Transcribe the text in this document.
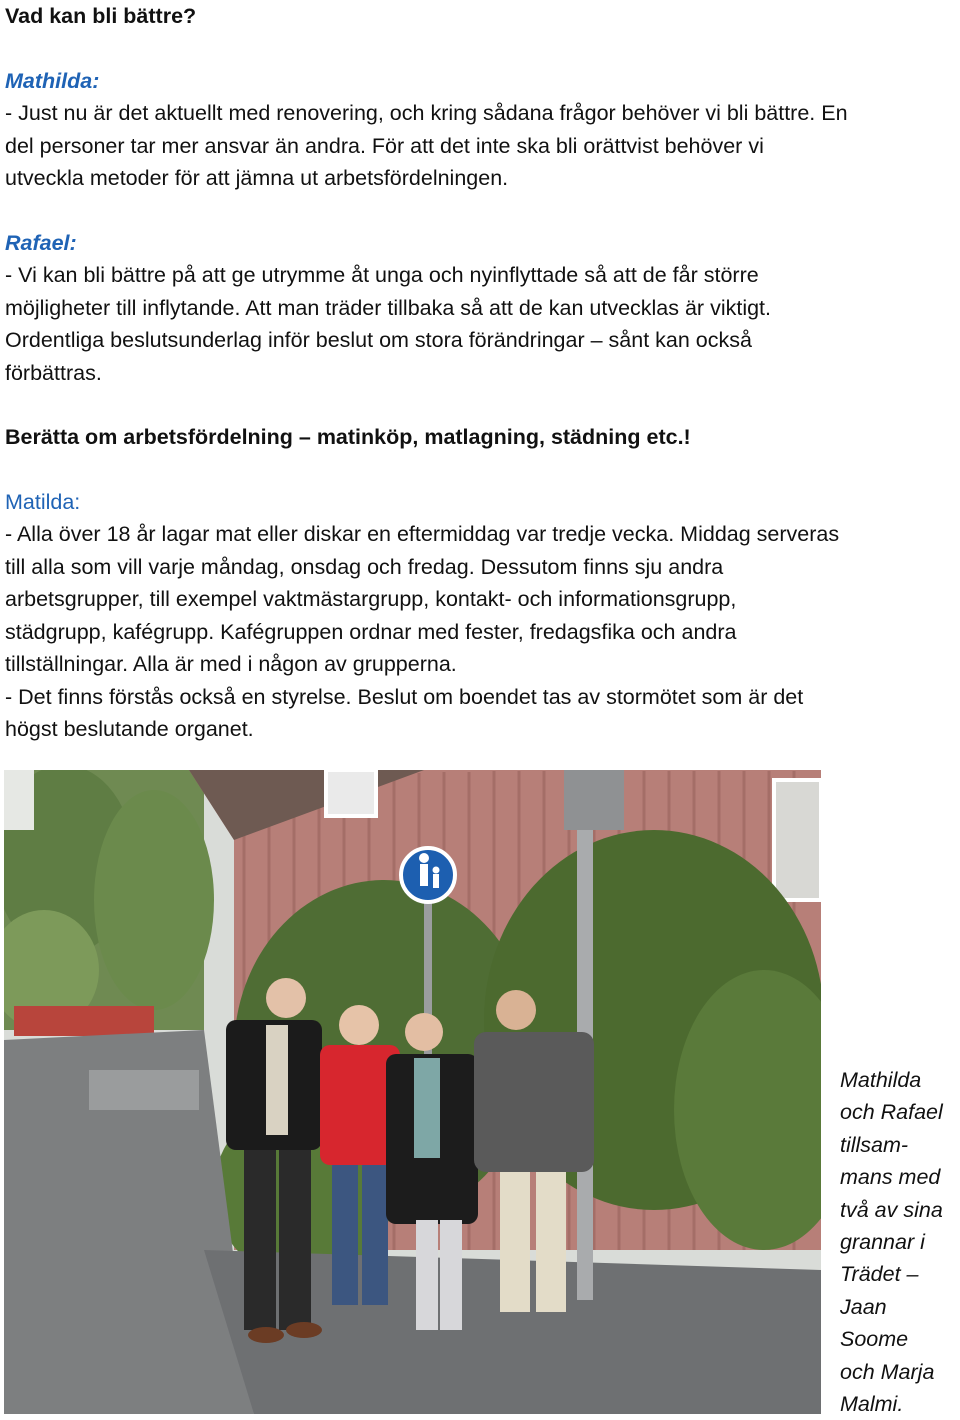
Vad kan bli bättre?
Mathilda:
- Just nu är det aktuellt med renovering, och kring sådana frågor behöver vi bli bättre. En
del personer tar mer ansvar än andra. För att det inte ska bli orättvist behöver vi
utveckla metoder för att jämna ut arbetsfördelningen.
Rafael:
- Vi kan bli bättre på att ge utrymme åt unga och nyinflyttade så att de får större
möjligheter till inflytande. Att man träder tillbaka så att de kan utvecklas är viktigt.
Ordentliga beslutsunderlag inför beslut om stora förändringar – sånt kan också
förbättras.
Berätta om arbetsfördelning – matinköp, matlagning, städning etc.!
Matilda:
- Alla över 18 år lagar mat eller diskar en eftermiddag var tredje vecka. Middag serveras
till alla som vill varje måndag, onsdag och fredag. Dessutom finns sju andra
arbetsgrupper, till exempel vaktmästargrupp, kontakt- och informationsgrupp,
städgrupp, kafégrupp. Kafégruppen ordnar med fester, fredagsfika och andra
tillställningar. Alla är med i någon av grupperna.
- Det finns förstås också en styrelse. Beslut om boendet tas av stormötet som är det
högst beslutande organet.
Mathilda
och Rafael
tillsam-
mans med
två av sina
grannar i
Trädet –
Jaan
Soome
och Marja
Malmi.
